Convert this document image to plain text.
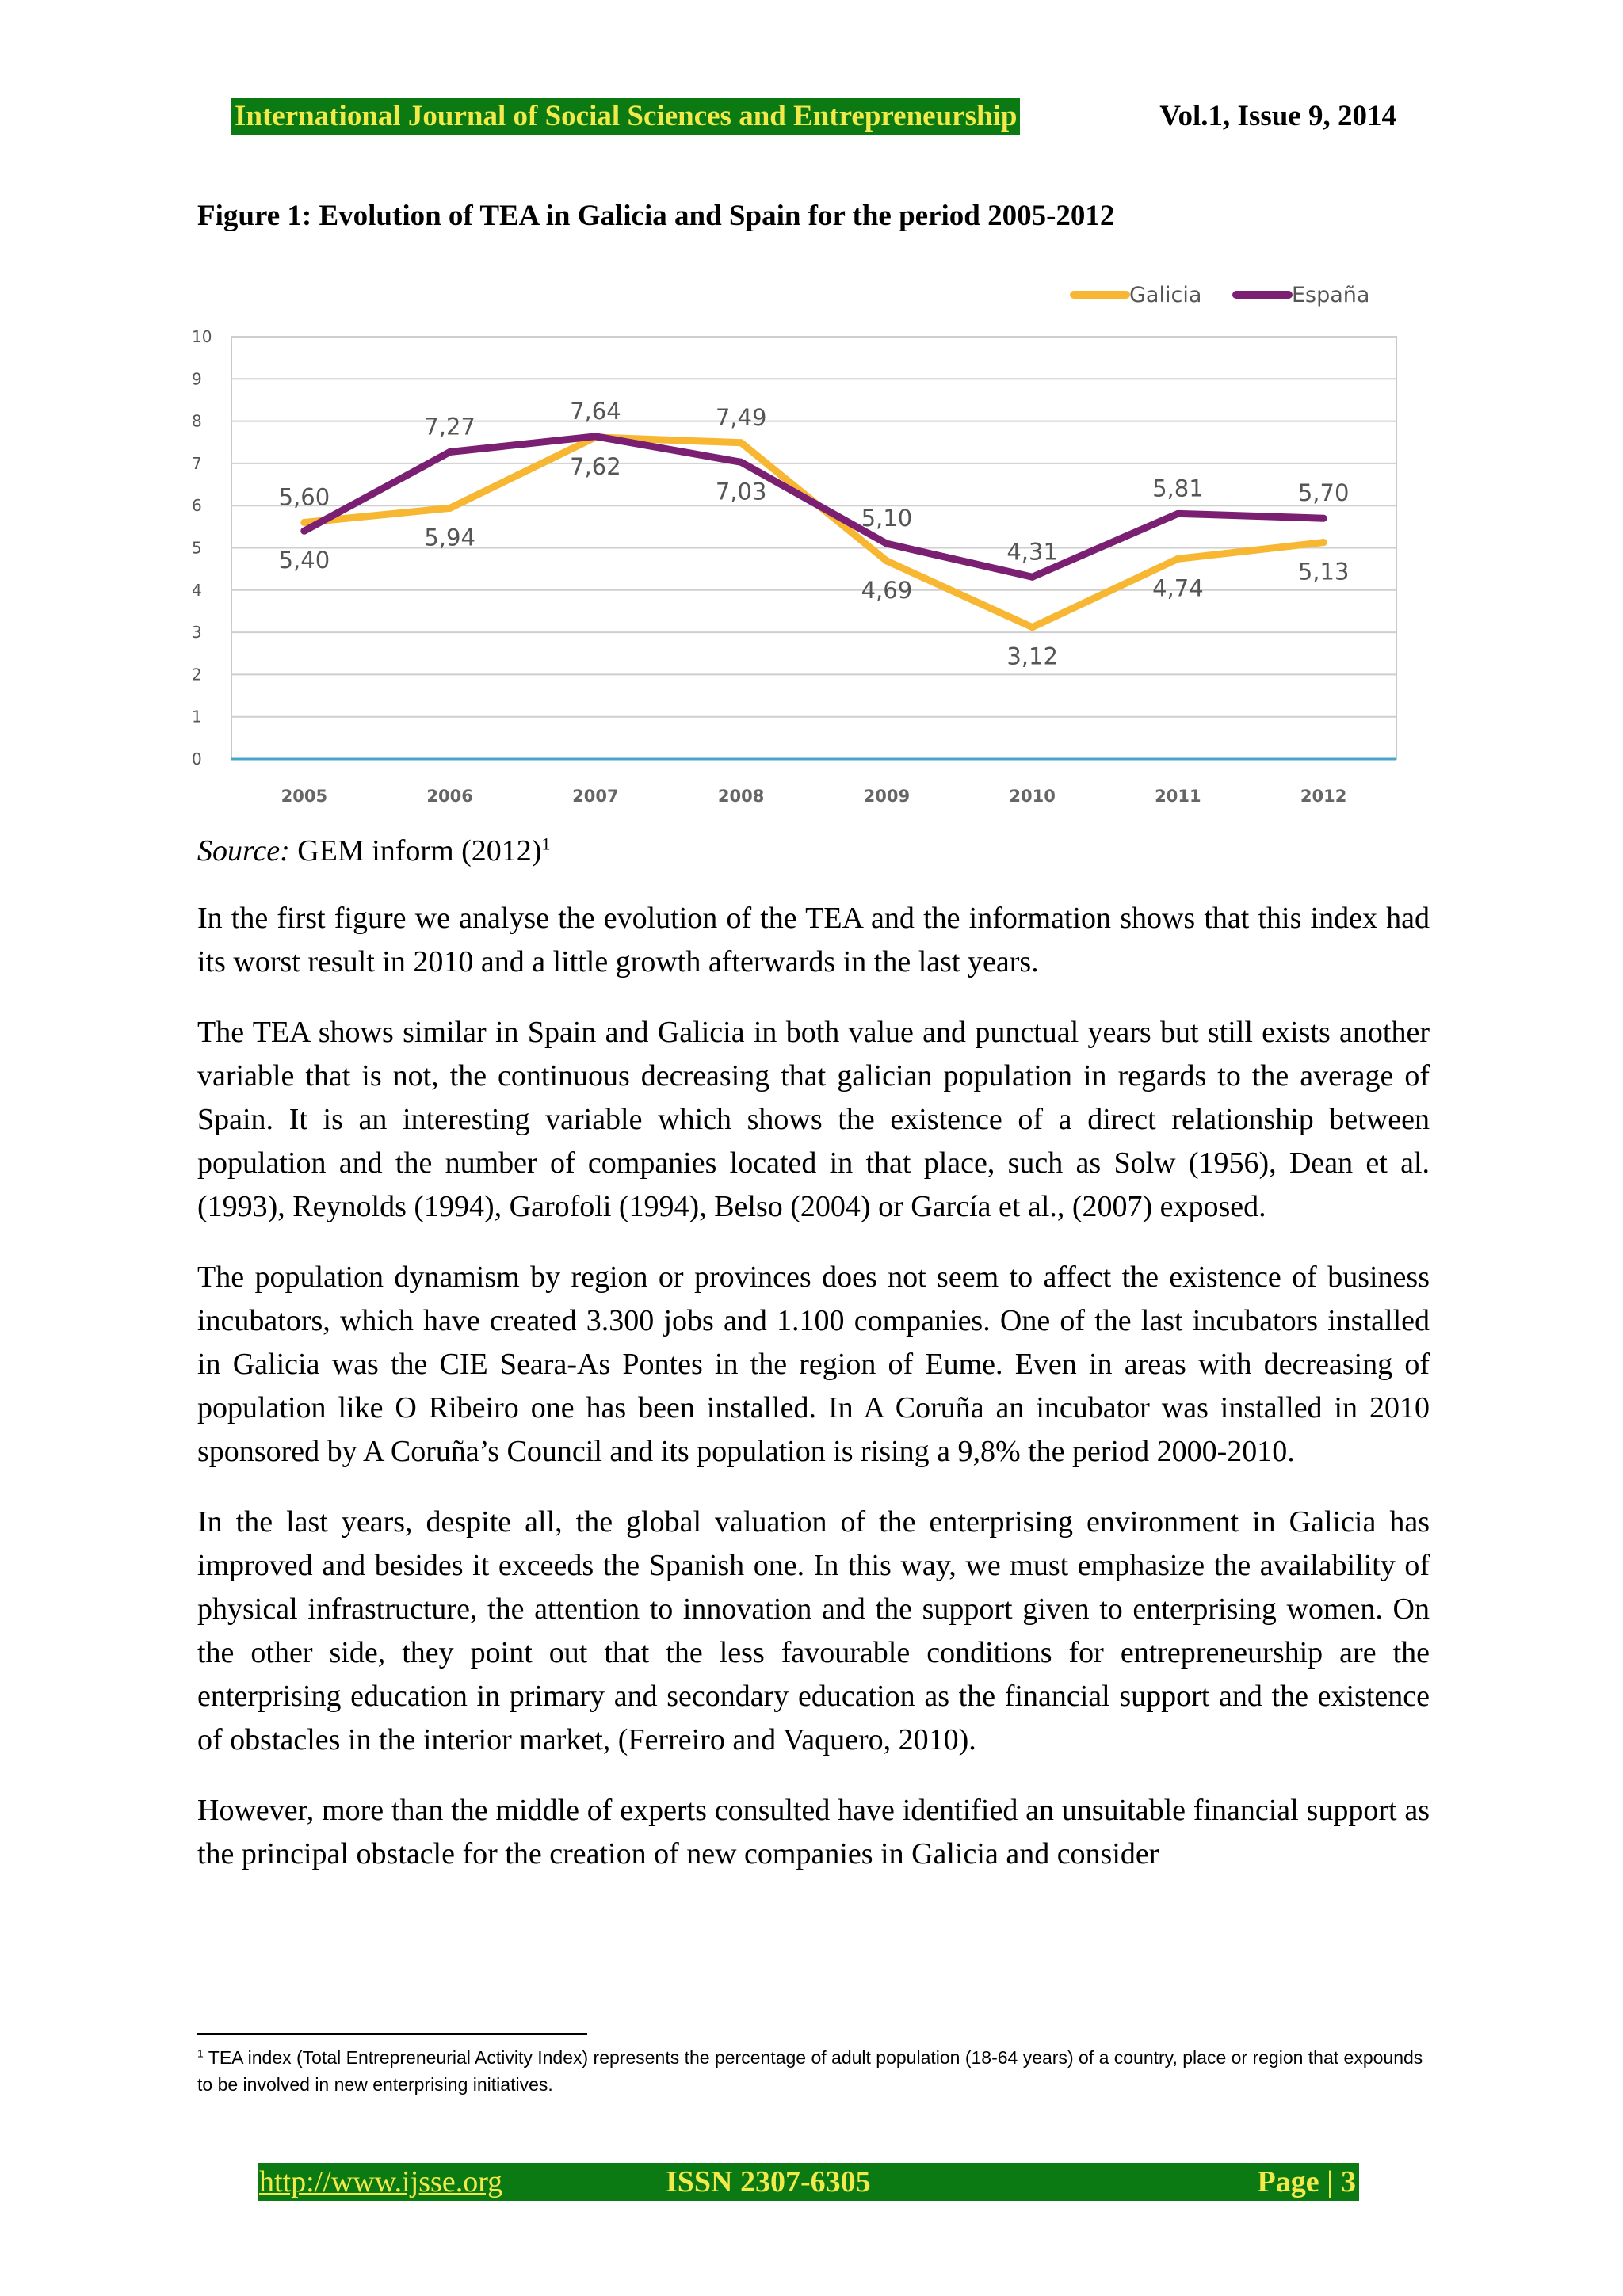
International Journal of Social Sciences and Entrepreneurship	Vol.1, Issue 9, 2014
Figure 1: Evolution of TEA in Galicia and Spain for the period 2005-2012
0
1
2
3
4
5
6
7
8
9
10
2005	2006	2007	2008	2009	2010	2011	2012
5,60
5,40
7,27
5,94
7,64
7,62
7,49
7,03
5,10
4,69
4,31
3,12
5,81
4,74
5,70
5,13
Galicia	España
Source: GEM inform $(2012)^1$

In the first figure we analyse the evolution of the TEA and the information shows that this index had its worst result in 2010 and a little growth afterwards in the last years.

The TEA shows similar in Spain and Galicia in both value and punctual years but still exists another variable that is not, the continuous decreasing that galician population in regards to the average of Spain. It is an interesting variable which shows the existence of a direct relationship between population and the number of companies located in that place, such as Solw (1956), Dean et al. (1993), Reynolds (1994), Garofoli (1994), Belso (2004) or García et al., (2007) exposed.

The population dynamism by region or provinces does not seem to affect the existence of business incubators, which have created 3.300 jobs and 1.100 companies. One of the last incubators installed in Galicia was the CIE Seara-As Pontes in the region of Eume. Even in areas with decreasing of population like O Ribeiro one has been installed. In A Coruña an incubator was installed in 2010 sponsored by A Coruña’s Council and its population is rising a 9,8% the period 2000-2010.

In the last years, despite all, the global valuation of the enterprising environment in Galicia has improved and besides it exceeds the Spanish one. In this way, we must emphasize the availability of physical infrastructure, the attention to innovation and the support given to enterprising women. On the other side, they point out that the less favourable conditions for entrepreneurship are the enterprising education in primary and secondary education as the financial support and the existence of obstacles in the interior market, (Ferreiro and Vaquero, 2010).

However, more than the middle of experts consulted have identified an unsuitable financial support as the principal obstacle for the creation of new companies in Galicia and consider

$^1$ TEA index (Total Entrepreneurial Activity Index) represents the percentage of adult population (18-64 years) of a country, place or region that expounds to be involved in new enterprising initiatives.
http://www.ijsse.org	ISSN 2307-6305	Page | 3
